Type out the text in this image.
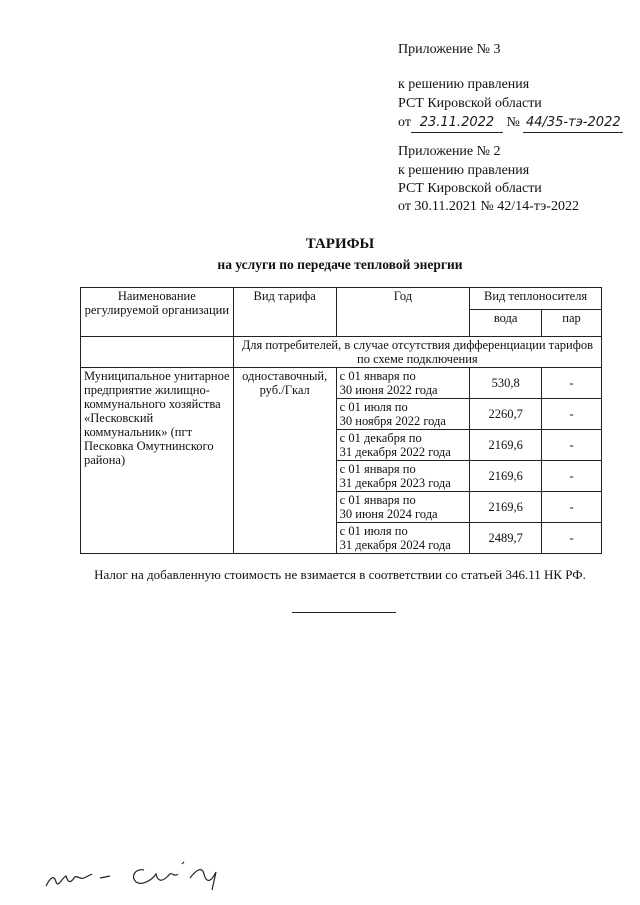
Приложение № 3
к решению правления
РСТ Кировской области
от 23.11.2022 № 44/35-тэ-2022
Приложение № 2
к решению правления
РСТ Кировской области
от 30.11.2021 № 42/14-тэ-2022
ТАРИФЫ
на услуги по передаче тепловой энергии
Наименование регулируемой организации	Вид тарифа	Год	Вид теплоносителя	
			вода	пар
	Для потребителей, в случае отсутствия дифференциации тарифов по схеме подключения			
Муниципальное унитарное предприятие жилищно-коммунального хозяйства «Песковский коммунальник» (пгт Песковка Омутнинского района)	одноставочный, руб./Гкал	с 01 января по
30 июня 2022 года	530,8	-

		с 01 июля по
30 ноября 2022 года	2260,7	-

		с 01 декабря по
31 декабря 2022 года	2169,6	-

		с 01 января по
31 декабря 2023 года	2169,6	-

		с 01 января по
30 июня 2024 года	2169,6	-

		с 01 июля по
31 декабря 2024 года	2489,7	-
Налог на добавленную стоимость не взимается в соответствии со статьей 346.11 НК РФ.
